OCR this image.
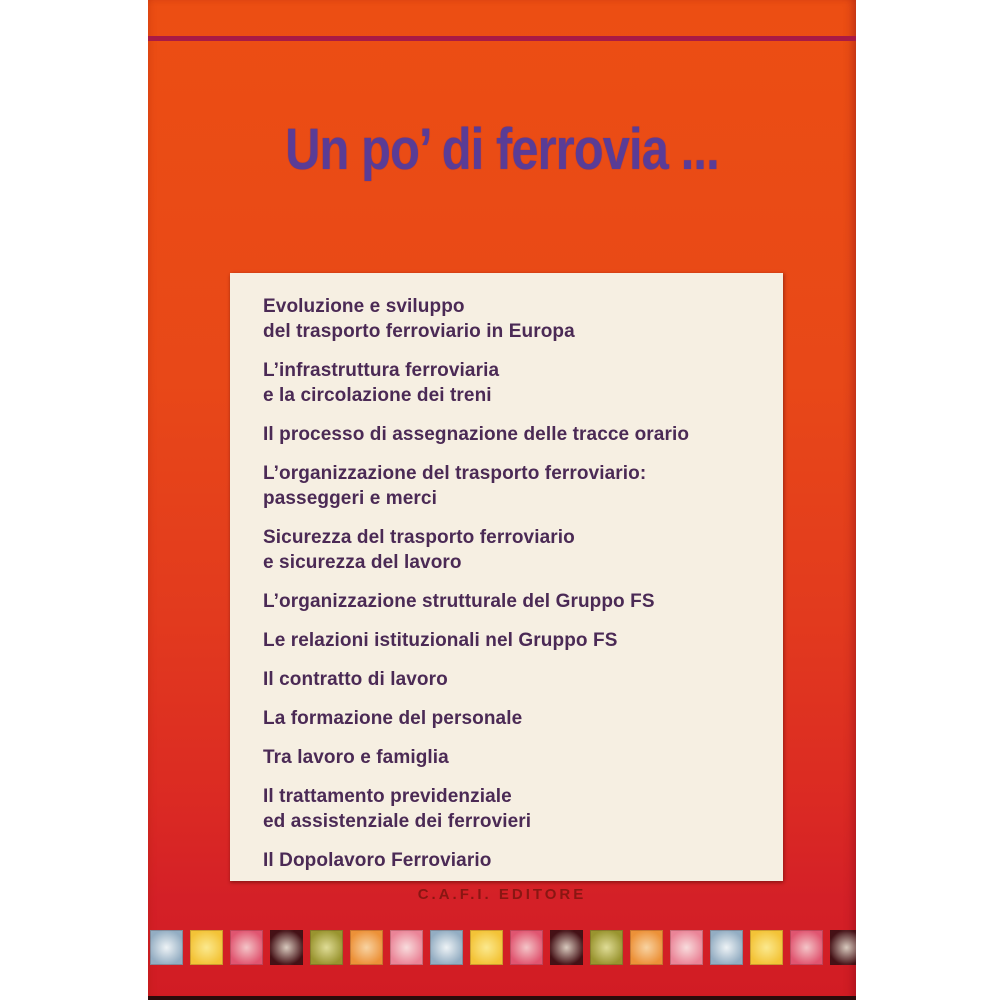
Un po’ di ferrovia ...
Evoluzione e sviluppo
del trasporto ferroviario in Europa
L’infrastruttura ferroviaria
e la circolazione dei treni
Il processo di assegnazione delle tracce orario
L’organizzazione del trasporto ferroviario:
passeggeri e merci
Sicurezza del trasporto ferroviario
e sicurezza del lavoro
L’organizzazione strutturale del Gruppo FS
Le relazioni istituzionali nel Gruppo FS
Il contratto di lavoro
La formazione del personale
Tra lavoro e famiglia
Il trattamento previdenziale
ed assistenziale dei ferrovieri
Il Dopolavoro Ferroviario
C.A.F.I. EDITORE
